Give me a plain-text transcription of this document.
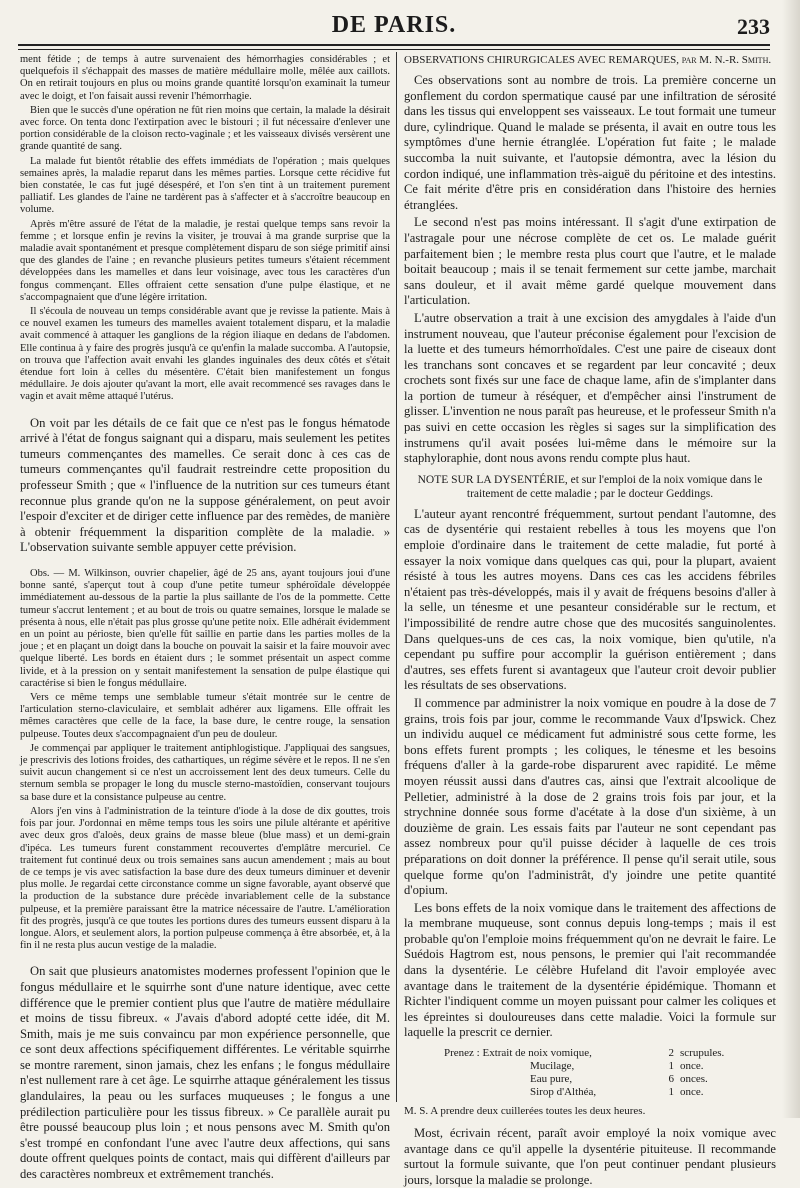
DE PARIS.	233

ment fétide ; de temps à autre survenaient des hémorrhagies considérables ; et quelquefois il s'échappait des masses de matière médullaire molle, mêlée aux caillots. On en retirait toujours en plus ou moins grande quantité lorsqu'on examinait la tumeur avec le doigt, et l'on faisait aussi revenir l'hémorrhagie.

Bien que le succès d'une opération ne fût rien moins que certain, la malade la désirait avec force. On tenta donc l'extirpation avec le bistouri ; il fut nécessaire d'enlever une portion considérable de la cloison recto-vaginale ; et les vaisseaux divisés versèrent une grande quantité de sang.

La malade fut bientôt rétablie des effets immédiats de l'opération ; mais quelques semaines après, la maladie reparut dans les mêmes parties. Lorsque cette récidive fut bien constatée, le cas fut jugé désespéré, et l'on s'en tint à un traitement purement palliatif. Les glandes de l'aine ne tardèrent pas à s'affecter et à s'accroître beaucoup en volume.

Après m'être assuré de l'état de la maladie, je restai quelque temps sans revoir la femme ; et lorsque enfin je revins la visiter, je trouvai à ma grande surprise que la maladie avait spontanément et presque complètement disparu de son siége primitif ainsi que des glandes de l'aine ; en revanche plusieurs petites tumeurs s'étaient récemment développées dans les mamelles et dans leur voisinage, avec tous les caractères d'un fongus commençant. Elles offraient cette sensation d'une pulpe élastique, et ne s'accompagnaient que d'une légère irritation.

Il s'écoula de nouveau un temps considérable avant que je revisse la patiente. Mais à ce nouvel examen les tumeurs des mamelles avaient totalement disparu, et la maladie avait commencé à attaquer les ganglions de la région iliaque en dedans de l'abdomen. Elle continua à y faire des progrès jusqu'à ce qu'enfin la malade succomba. A l'autopsie, on trouva que l'affection avait envahi les glandes inguinales des deux côtés et s'était étendue fort loin à celles du mésentère. C'était bien manifestement un fongus médullaire. Je dois ajouter qu'avant la mort, elle avait recommencé ses ravages dans le vagin et avait même attaqué l'utérus.

On voit par les détails de ce fait que ce n'est pas le fongus hématode arrivé à l'état de fongus saignant qui a disparu, mais seulement les petites tumeurs commençantes des mamelles. Ce serait donc à ces cas de tumeurs commençantes qu'il faudrait restreindre cette proposition du professeur Smith ; que « l'influence de la nutrition sur ces tumeurs étant reconnue plus grande qu'on ne la suppose généralement, on peut avoir l'espoir d'exciter et de diriger cette influence par des remèdes, de manière à obtenir fréquemment la disparition complète de la maladie. » L'observation suivante semble appuyer cette prévision.

Obs. — M. Wilkinson, ouvrier chapelier, âgé de 25 ans, ayant toujours joui d'une bonne santé, s'aperçut tout à coup d'une petite tumeur sphéroïdale développée immédiatement au-dessous de la partie la plus saillante de l'os de la pommette. Cette tumeur s'accrut lentement ; et au bout de trois ou quatre semaines, lorsque le malade se présenta à nous, elle n'était pas plus grosse qu'une petite noix. Elle adhérait évidemment en un point au périoste, bien qu'elle fût saillie en partie dans les parties molles de la joue ; et en plaçant un doigt dans la bouche on pouvait la saisir et la faire mouvoir avec quelque liberté. Les bords en étaient durs ; le sommet présentait un aspect comme livide, et à la pression on y sentait manifestement la sensation de pulpe élastique qui caractérise si bien le fongus médullaire.

Vers ce même temps une semblable tumeur s'était montrée sur le centre de l'articulation sterno-claviculaire, et semblait adhérer aux ligamens. Elle offrait les mêmes caractères que celle de la face, la base dure, le centre rouge, la sensation pulpeuse. Toutes deux s'accompagnaient d'un peu de douleur.

Je commençai par appliquer le traitement antiphlogistique. J'appliquai des sangsues, je prescrivis des lotions froides, des cathartiques, un régime sévère et le repos. Il ne s'en suivit aucun changement si ce n'est un accroissement lent des deux tumeurs. Celle du sternum sembla se propager le long du muscle sterno-mastoïdien, conservant toujours sa base dure et la consistance pulpeuse au centre.

Alors j'en vins à l'administration de la teinture d'iode à la dose de dix gouttes, trois fois par jour. J'ordonnai en même temps tous les soirs une pilule altérante et apéritive avec deux gros d'aloès, deux grains de masse bleue (blue mass) et un demi-grain d'ipéca. Les tumeurs furent constamment recouvertes d'emplâtre mercuriel. Ce traitement fut continué deux ou trois semaines sans aucun amendement ; mais au bout de ce temps je vis avec satisfaction la base dure des deux tumeurs diminuer et devenir plus molle. Je regardai cette circonstance comme un signe favorable, ayant observé que la production de la substance dure précède invariablement celle de la substance pulpeuse, et la première paraissant être la matrice nécessaire de l'autre. L'amélioration fit des progrès, jusqu'à ce que toutes les portions dures des tumeurs eussent disparu à la longue. Alors, et seulement alors, la portion pulpeuse commença à être absorbée, et, à la fin il ne resta plus aucun vestige de la maladie.

On sait que plusieurs anatomistes modernes professent l'opinion que le fongus médullaire et le squirrhe sont d'une nature identique, avec cette différence que le premier contient plus que l'autre de matière médullaire et moins de tissu fibreux. « J'avais d'abord adopté cette idée, dit M. Smith, mais je me suis convaincu par mon expérience personnelle, que ce sont deux affections spécifiquement différentes. Le véritable squirrhe se montre rarement, sinon jamais, chez les enfans ; le fongus médullaire n'est nullement rare à cet âge. Le squirrhe attaque généralement les tissus glandulaires, la peau ou les surfaces muqueuses ; le fongus a une prédilection particulière pour les tissus fibreux. » Ce parallèle aurait pu être poussé beaucoup plus loin ; et nous pensons avec M. Smith qu'on s'est trompé en confondant l'une avec l'autre deux affections, qui sans doute offrent quelques points de contact, mais qui diffèrent d'ailleurs par des caractères nombreux et extrêmement tranchés.

OBSERVATIONS CHIRURGICALES AVEC REMARQUES, par M. N.-R. Smith.

Ces observations sont au nombre de trois. La première concerne un gonflement du cordon spermatique causé par une infiltration de sérosité dans les tissus qui enveloppent ses vaisseaux. Le tout formait une tumeur dure, cylindrique. Quand le malade se présenta, il avait en outre tous les symptômes d'une hernie étranglée. L'opération fut faite ; le malade succomba la nuit suivante, et l'autopsie démontra, avec la lésion du cordon indiqué, une inflammation très-aiguë du péritoine et des intestins. Ce fait mérite d'être pris en considération dans l'histoire des hernies étranglées.

Le second n'est pas moins intéressant. Il s'agit d'une extirpation de l'astragale pour une nécrose complète de cet os. Le malade guérit parfaitement bien ; le membre resta plus court que l'autre, et le malade boitait beaucoup ; mais il se tenait fermement sur cette jambe, marchait sans douleur, et il avait même gardé quelque mouvement dans l'articulation.

L'autre observation a trait à une excision des amygdales à l'aide d'un instrument nouveau, que l'auteur préconise également pour l'excision de la luette et des tumeurs hémorrhoïdales. C'est une paire de ciseaux dont les tranchans sont concaves et se regardent par leur concavité ; deux crochets sont fixés sur une face de chaque lame, afin de s'implanter dans la portion de tumeur à réséquer, et d'empêcher ainsi l'instrument de glisser. L'invention ne nous paraît pas heureuse, et le professeur Smith n'a pas suivi en cette occasion les règles si sages sur la simplification des instrumens qu'il avait posées lui-même dans le mémoire sur la staphyloraphie, dont nous avons rendu compte plus haut.

NOTE SUR LA DYSENTÉRIE, et sur l'emploi de la noix vomique dans le traitement de cette maladie ; par le docteur Geddings.

L'auteur ayant rencontré fréquemment, surtout pendant l'automne, des cas de dysentérie qui restaient rebelles à tous les moyens que l'on emploie d'ordinaire dans le traitement de cette maladie, fut porté à essayer la noix vomique dans quelques cas qui, pour la plupart, avaient résisté à tous les autres moyens. Dans ces cas les accidens fébriles n'étaient pas très-développés, mais il y avait de fréquens besoins d'aller à la selle, un ténesme et une pesanteur considérable sur le rectum, et l'impossibilité de rendre autre chose que des mucosités sanguinolentes. Dans quelques-uns de ces cas, la noix vomique, bien qu'utile, n'a cependant pu suffire pour accomplir la guérison entièrement ; dans d'autres, ses effets furent si avantageux que l'auteur croit devoir publier les résultats de ses observations.

Il commence par administrer la noix vomique en poudre à la dose de 7 grains, trois fois par jour, comme le recommande Vaux d'Ipswick. Chez un individu auquel ce médicament fut administré sous cette forme, les bons effets furent prompts ; les coliques, le ténesme et les besoins fréquens d'aller à la garde-robe disparurent avec rapidité. Le même moyen réussit aussi dans d'autres cas, ainsi que l'extrait alcoolique de Pelletier, administré à la dose de 2 grains trois fois par jour, et la strychnine donnée sous forme d'acétate à la dose d'un sixième, à un douzième de grain. Les essais faits par l'auteur ne sont cependant pas assez nombreux pour qu'il puisse décider à laquelle de ces trois préparations on doit donner la préférence. Il pense qu'il serait utile, sous quelque forme qu'on l'administrât, d'y joindre une petite quantité d'opium.

Les bons effets de la noix vomique dans le traitement des affections de la membrane muqueuse, sont connus depuis long-temps ; mais il est probable qu'on l'emploie moins fréquemment qu'on ne devrait le faire. Le Suédois Hagtrom est, nous pensons, le premier qui l'ait recommandée dans la dysentérie. Le célèbre Hufeland dit l'avoir employée avec avantage dans le traitement de la dysentérie épidémique. Thomann et Richter l'indiquent comme un moyen puissant pour calmer les coliques et les épreintes si douloureuses dans cette maladie. Voici la formule sur laquelle la prescrit ce dernier.

Prenez : Extrait de noix vomique,	2 scrupules.
Mucilage,	1 once.
Eau pure,	6 onces.
Sirop d'Althéa,	1 once.

M. S. A prendre deux cuillerées toutes les deux heures.

Most, écrivain récent, paraît avoir employé la noix vomique avec avantage dans ce qu'il appelle la dysentérie pituiteuse. Il recommande surtout la formule suivante, que l'on peut continuer pendant plusieurs jours, lorsque la maladie se prolonge.
